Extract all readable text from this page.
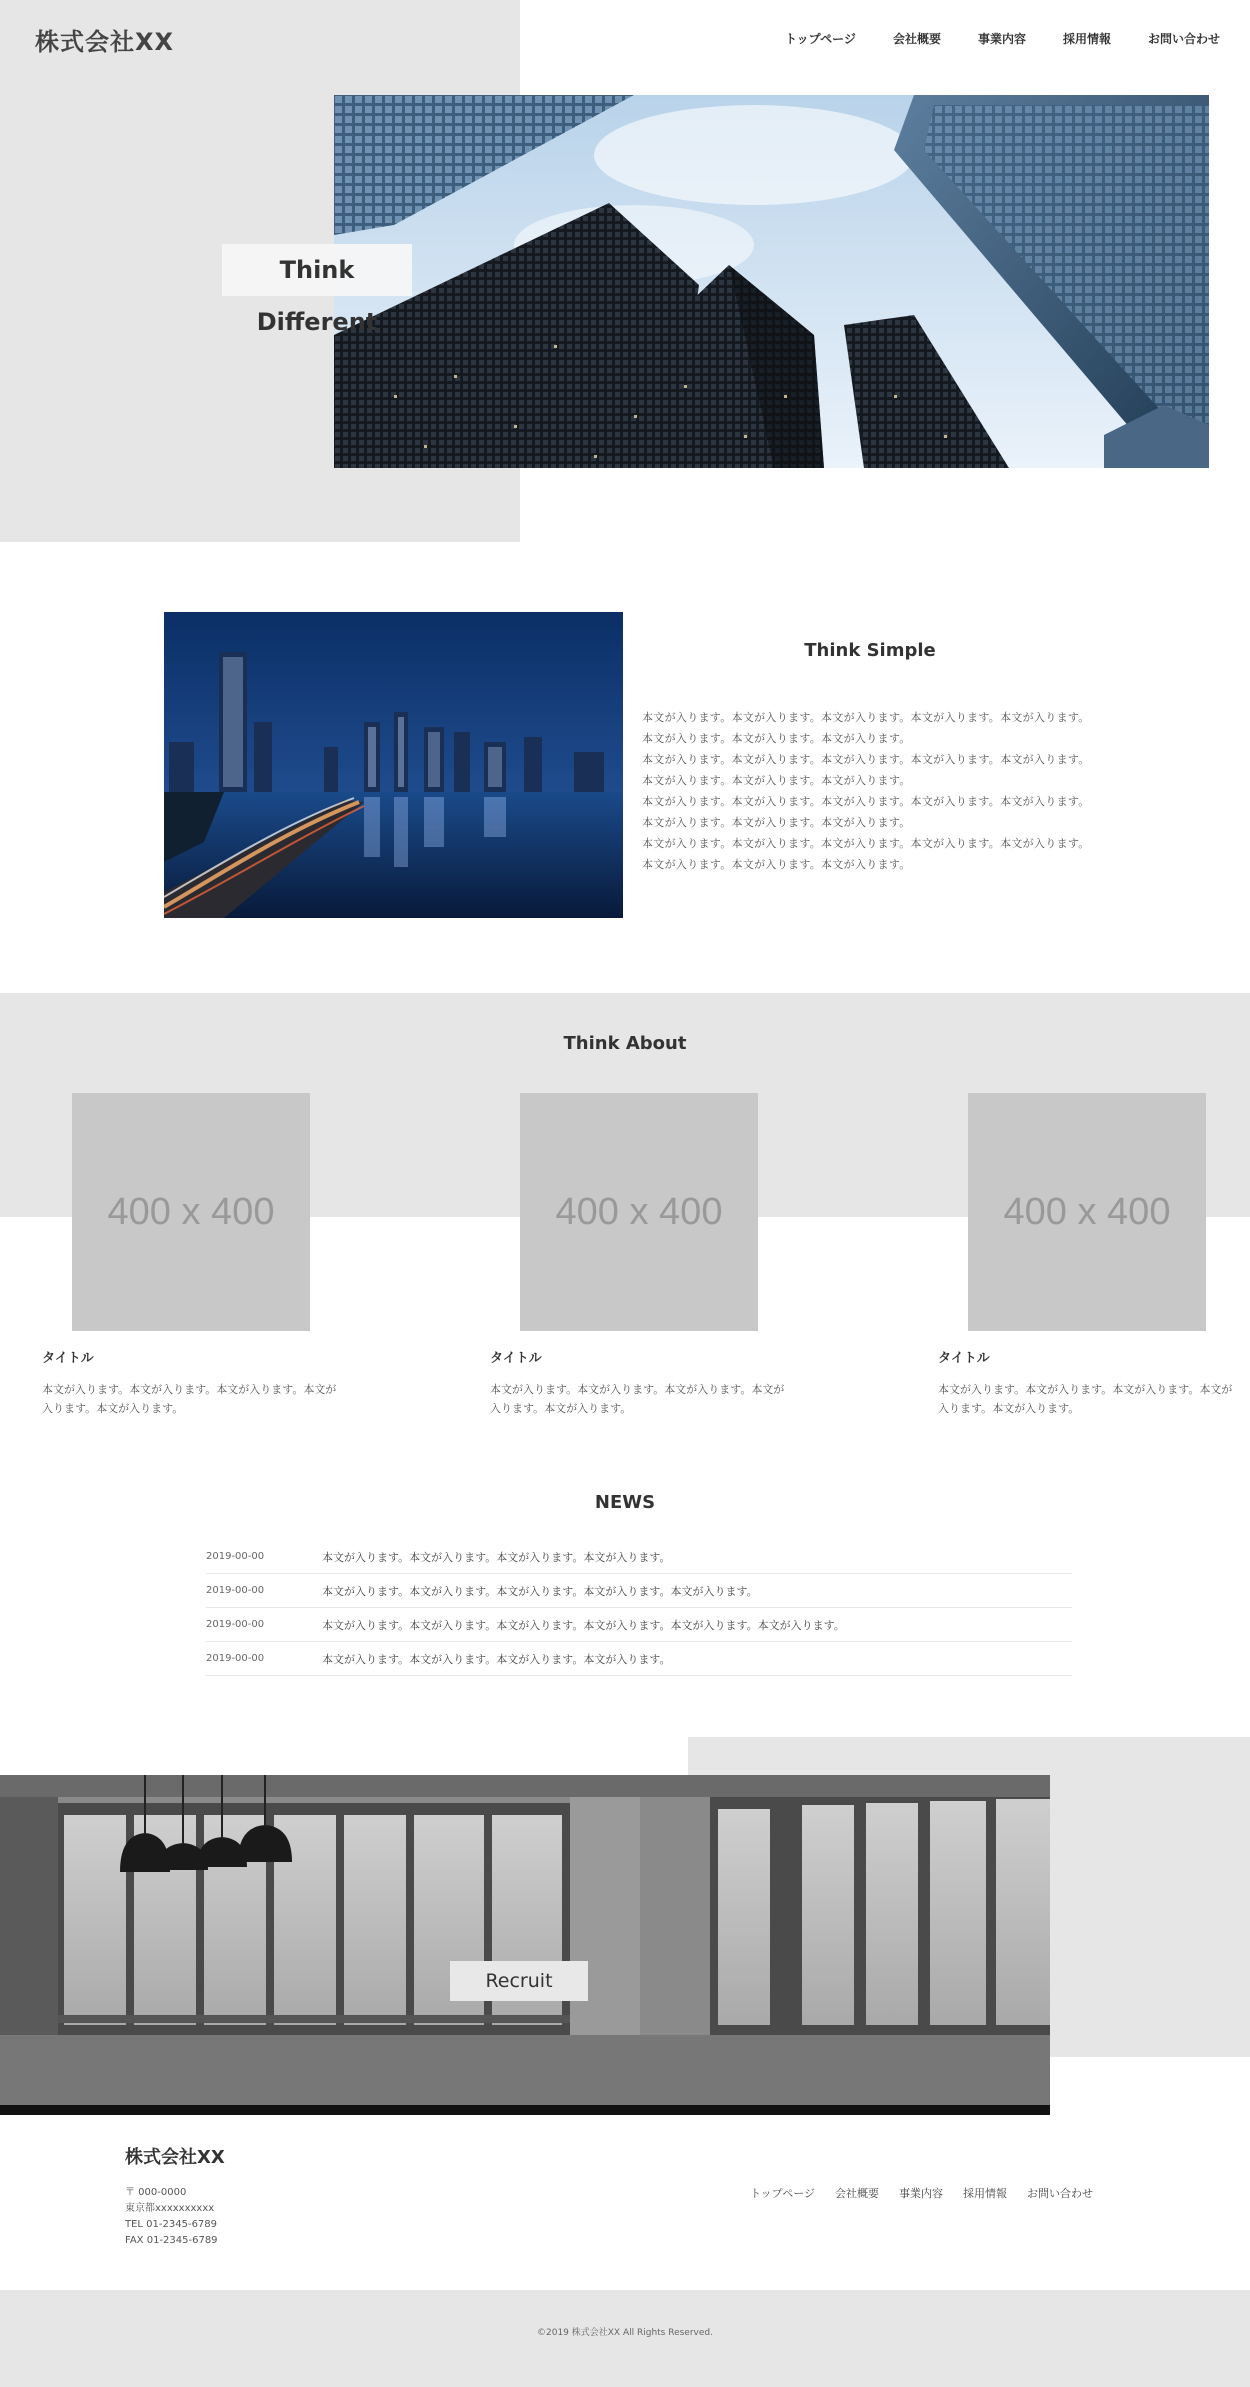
株式会社XX	トップページ	会社概要	事業内容	採用情報	お問い合わせ
Think Different
Think Simple

本文が入ります。本文が入ります。本文が入ります。本文が入ります。本文が入ります。本文が入ります。本文が入ります。本文が入ります。

本文が入ります。本文が入ります。本文が入ります。本文が入ります。本文が入ります。本文が入ります。本文が入ります。本文が入ります。

本文が入ります。本文が入ります。本文が入ります。本文が入ります。本文が入ります。本文が入ります。本文が入ります。本文が入ります。

本文が入ります。本文が入ります。本文が入ります。本文が入ります。本文が入ります。本文が入ります。本文が入ります。本文が入ります。

Think About
400 x 400
タイトル
本文が入ります。本文が入ります。本文が入ります。本文が入ります。本文が入ります。
400 x 400
タイトル
本文が入ります。本文が入ります。本文が入ります。本文が入ります。本文が入ります。
400 x 400
タイトル
本文が入ります。本文が入ります。本文が入ります。本文が入ります。本文が入ります。
NEWS
2019-00-00	本文が入ります。本文が入ります。本文が入ります。本文が入ります。
2019-00-00	本文が入ります。本文が入ります。本文が入ります。本文が入ります。本文が入ります。
2019-00-00	本文が入ります。本文が入ります。本文が入ります。本文が入ります。本文が入ります。本文が入ります。
2019-00-00	本文が入ります。本文が入ります。本文が入ります。本文が入ります。
Recruit
株式会社XX
〒 000-0000
東京都xxxxxxxxxx
TEL 01-2345-6789
FAX 01-2345-6789
トップページ 会社概要 事業内容 採用情報 お問い合わせ
©2019 株式会社XX All Rights Reserved.
